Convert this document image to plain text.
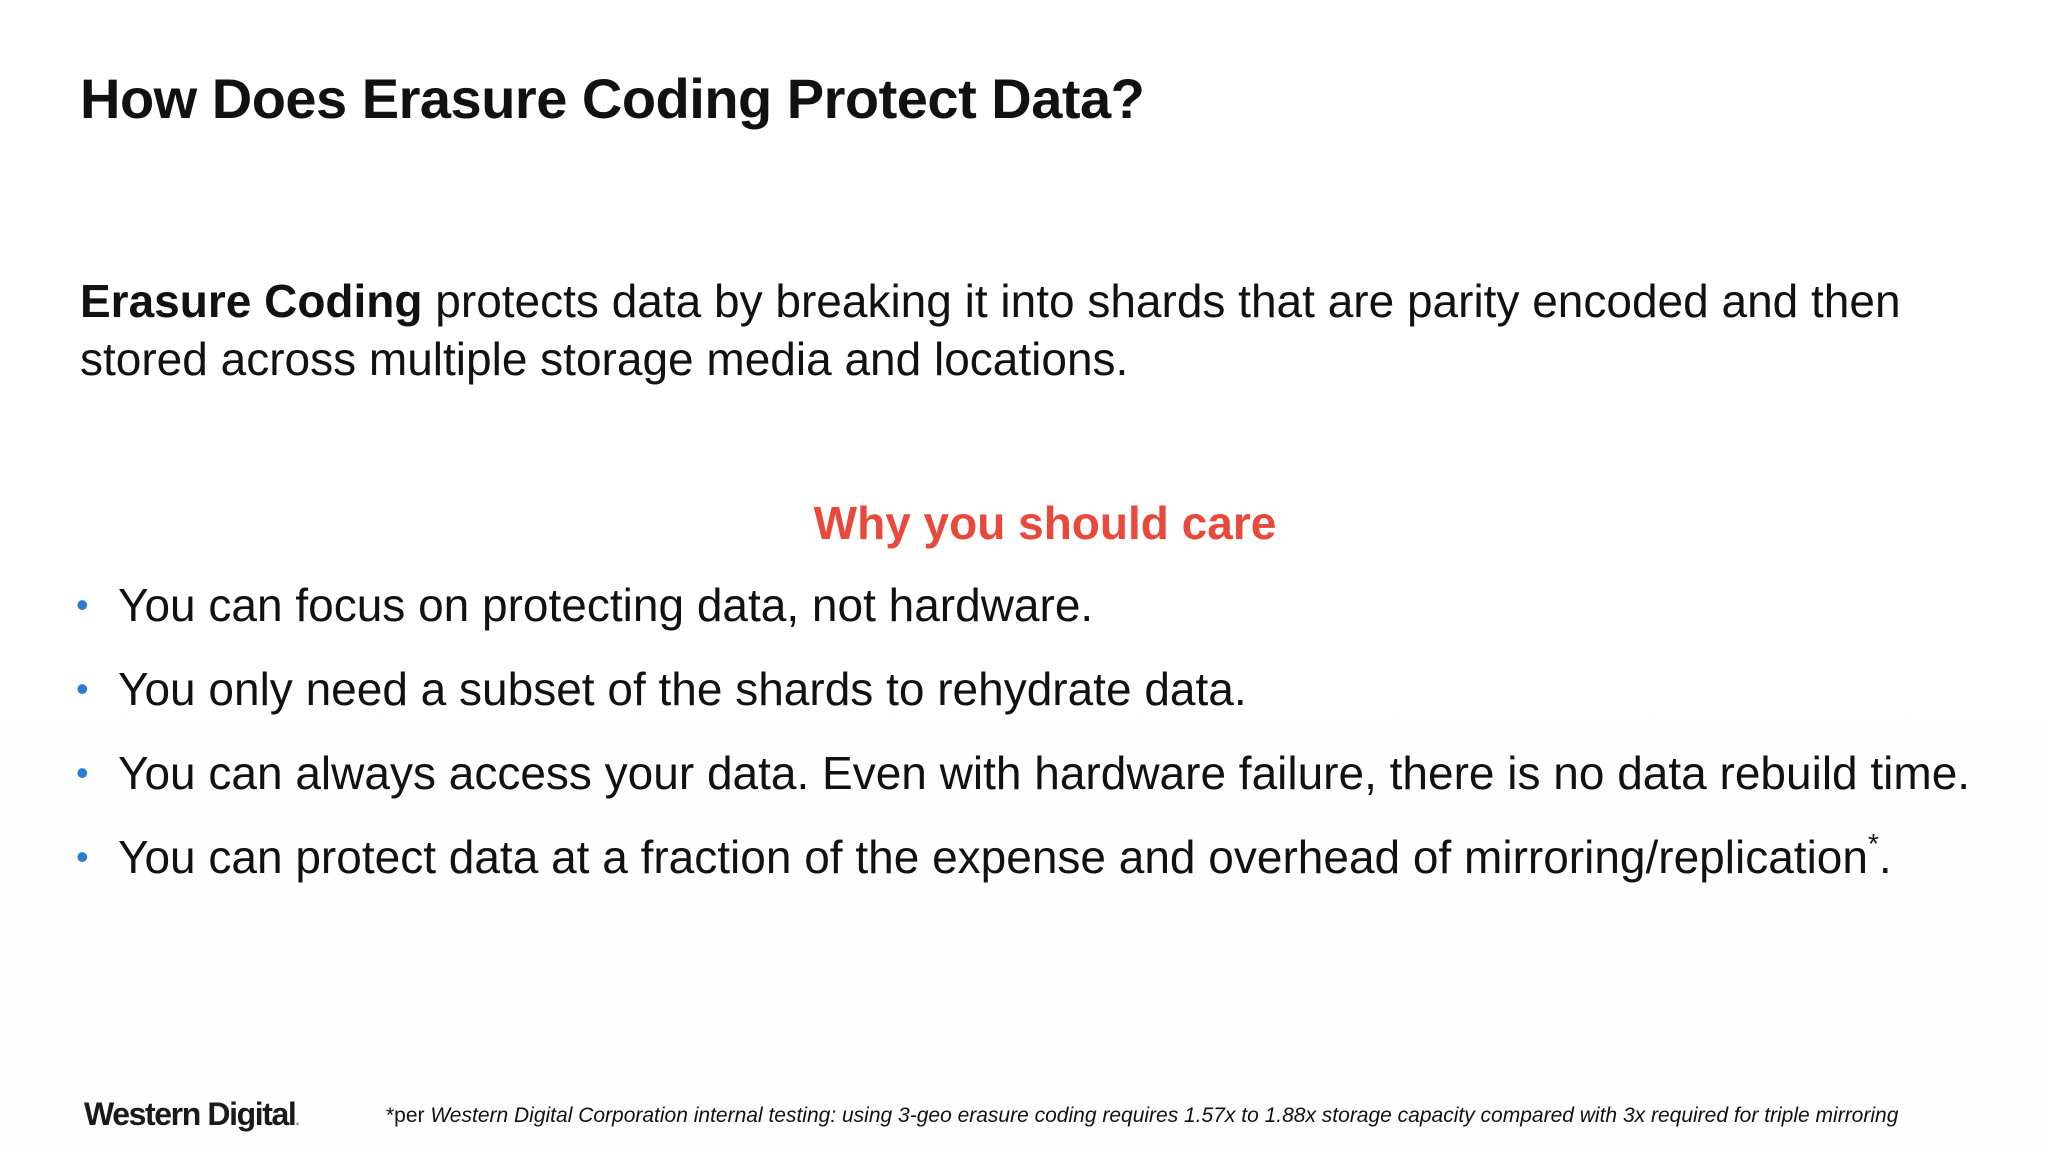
How Does Erasure Coding Protect Data?
Erasure Coding protects data by breaking it into shards that are parity encoded and then stored across multiple storage media and locations.
Why you should care
• You can focus on protecting data, not hardware.
• You only need a subset of the shards to rehydrate data.
• You can always access your data. Even with hardware failure, there is no data rebuild time.
• You can protect data at a fraction of the expense and overhead of mirroring/replication*.
Western Digital.	*per Western Digital Corporation internal testing: using 3-geo erasure coding requires 1.57x to 1.88x storage capacity compared with 3x required for triple mirroring
